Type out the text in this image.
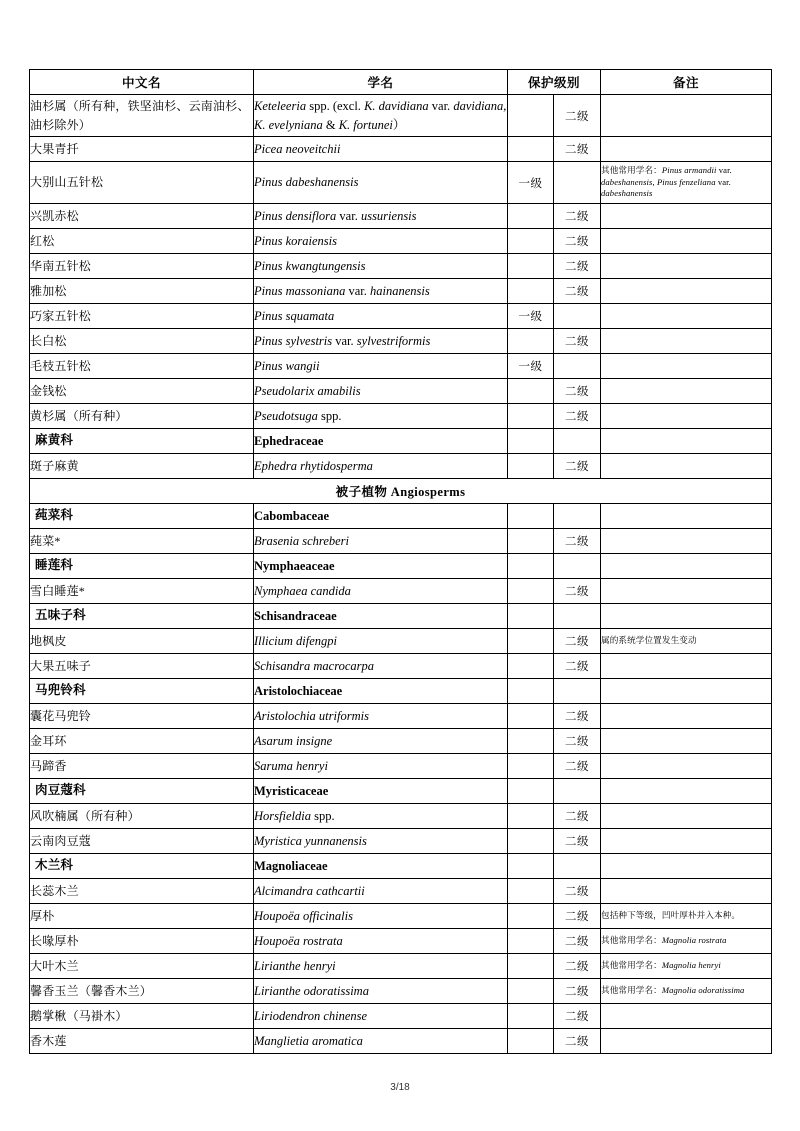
中文名	学名	保护级别		备注
油杉属（所有种，铁坚油杉、云南油杉、油杉除外）	Keteleeria spp. (excl. K. davidiana var. davidiana, K. evelyniana & K. fortunei）		二级	
大果青扦	Picea neoveitchii		二级	
大别山五针松	Pinus dabeshanensis	一级		其他常用学名：Pinus armandii var. dabeshanensis, Pinus fenzeliana var. dabeshanensis
兴凯赤松	Pinus densiflora var. ussuriensis		二级	
红松	Pinus koraiensis		二级	
华南五针松	Pinus kwangtungensis		二级	
雅加松	Pinus massoniana var. hainanensis		二级	
巧家五针松	Pinus squamata	一级		
长白松	Pinus sylvestris var. sylvestriformis		二级	
毛枝五针松	Pinus wangii	一级		
金钱松	Pseudolarix amabilis		二级	
黄杉属（所有种）	Pseudotsuga spp.		二级	
麻黄科	Ephedraceae			
斑子麻黄	Ephedra rhytidosperma		二级	
被子植物 Angiosperms				
莼菜科	Cabombaceae			
莼菜*	Brasenia schreberi		二级	
睡莲科	Nymphaeaceae			
雪白睡莲*	Nymphaea candida		二级	
五味子科	Schisandraceae			
地枫皮	Illicium difengpi		二级	属的系统学位置发生变动
大果五味子	Schisandra macrocarpa		二级	
马兜铃科	Aristolochiaceae			
囊花马兜铃	Aristolochia utriformis		二级	
金耳环	Asarum insigne		二级	
马蹄香	Saruma henryi		二级	
肉豆蔻科	Myristicaceae			
风吹楠属（所有种）	Horsfieldia spp.		二级	
云南肉豆蔻	Myristica yunnanensis		二级	
木兰科	Magnoliaceae			
长蕊木兰	Alcimandra cathcartii		二级	
厚朴	Houpoëa officinalis		二级	包括种下等级，凹叶厚朴并入本种。
长喙厚朴	Houpoëa rostrata		二级	其他常用学名：Magnolia rostrata
大叶木兰	Lirianthe henryi		二级	其他常用学名：Magnolia henryi
馨香玉兰（馨香木兰）	Lirianthe odoratissima		二级	其他常用学名：Magnolia odoratissima
鹅掌楸（马褂木）	Liriodendron chinense		二级	
香木莲	Manglietia aromatica		二级	
3/18
